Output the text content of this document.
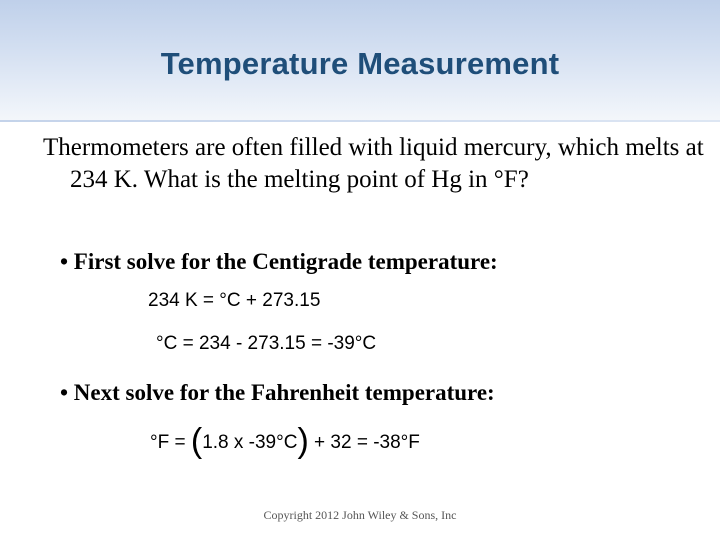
Temperature Measurement
Thermometers are often filled with liquid mercury, which melts at 234 K. What is the melting point of Hg in °F?
• First solve for the Centigrade temperature:
234 K = °C + 273.15
°C = 234 - 273.15 = -39°C
• Next solve for the Fahrenheit temperature:
°F = (1.8 x -39°C) + 32 = -38°F
Copyright 2012 John Wiley & Sons, Inc
